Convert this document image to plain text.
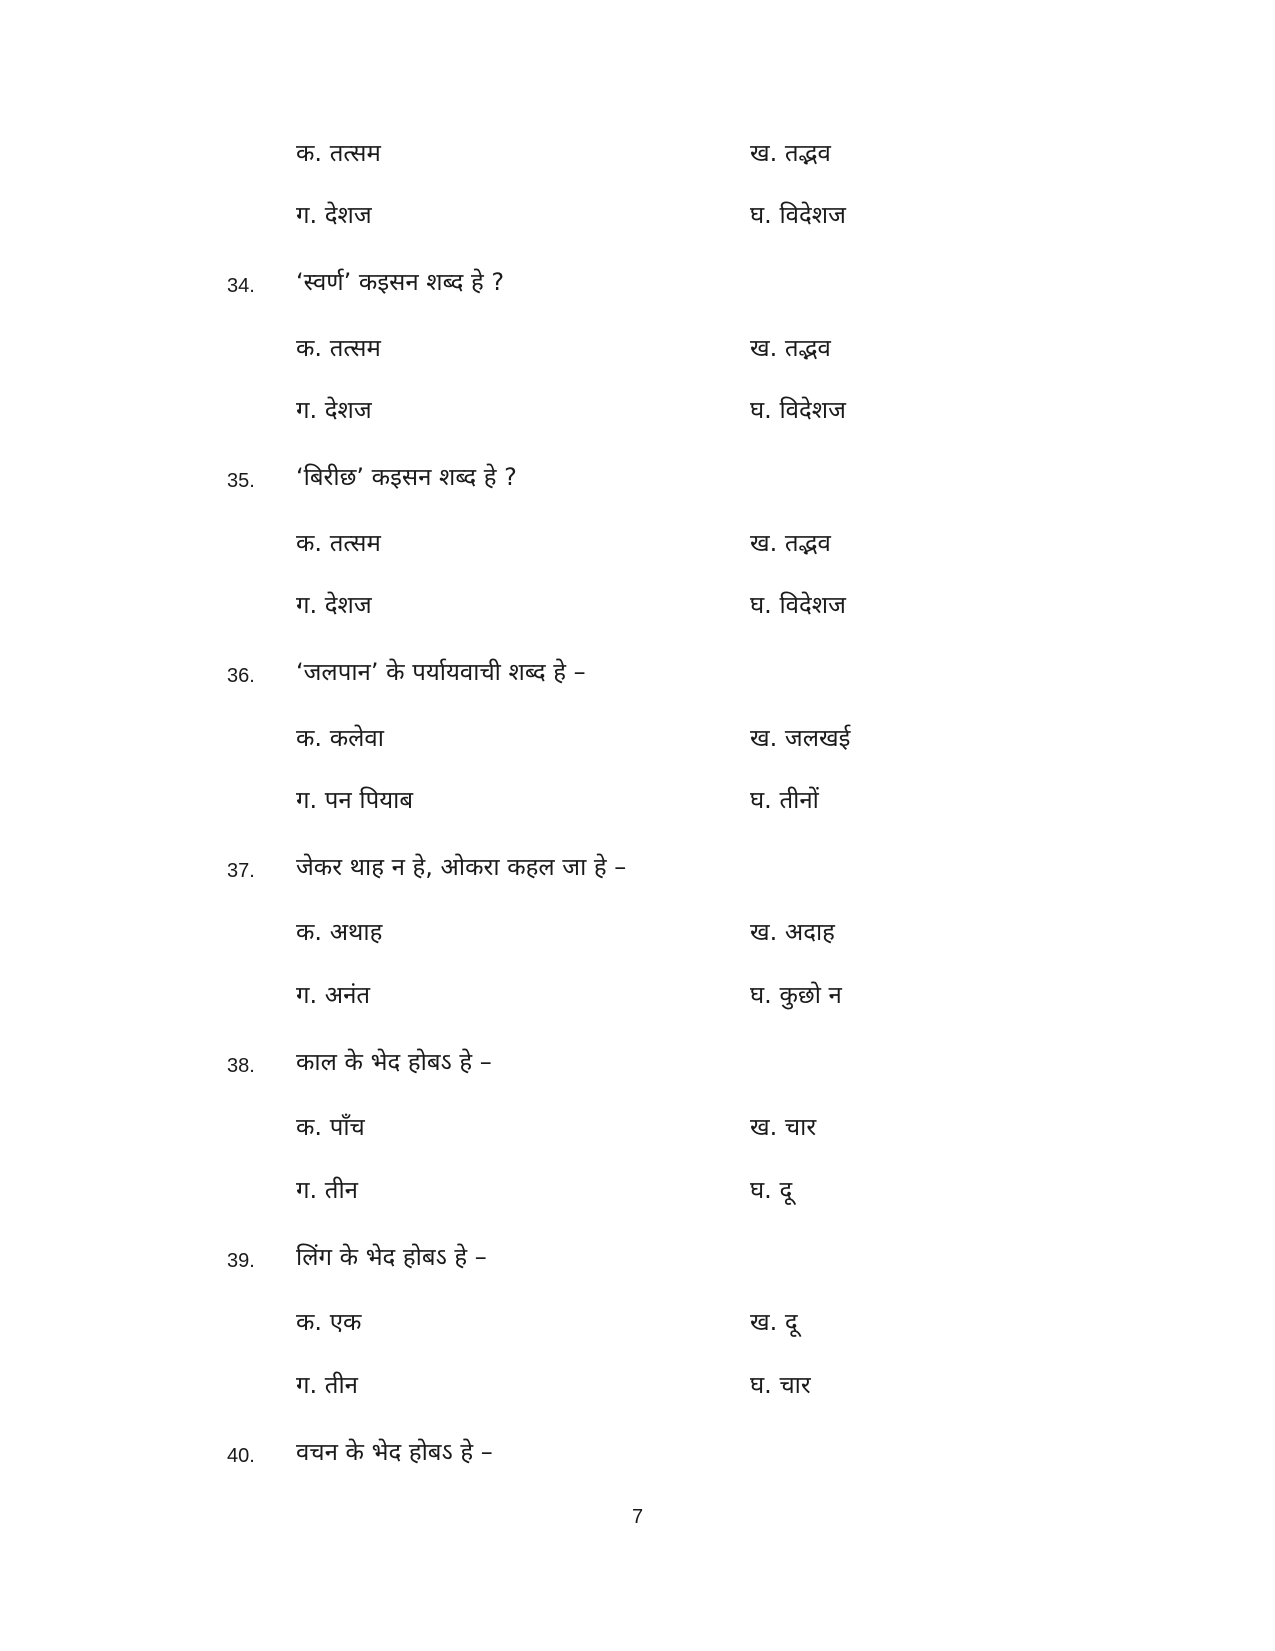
क. तत्सम	ख. तद्भव
ग. देशज	घ. विदेशज
34. ‘स्वर्ण’ कइसन शब्द हे ?
क. तत्सम	ख. तद्भव
ग. देशज	घ. विदेशज
35. ‘बिरीछ’ कइसन शब्द हे ?
क. तत्सम	ख. तद्भव
ग. देशज	घ. विदेशज
36. ‘जलपान’ के पर्यायवाची शब्द हे –
क. कलेवा	ख. जलखई
ग. पन पियाब	घ. तीनों
37. जेकर थाह न हे, ओकरा कहल जा हे –
क. अथाह	ख. अदाह
ग. अनंत	घ. कुछो न
38. काल के भेद होबऽ हे –
क. पाँच	ख. चार
ग. तीन	घ. दू
39. लिंग के भेद होबऽ हे –
क. एक	ख. दू
ग. तीन	घ. चार
40. वचन के भेद होबऽ हे –
7
